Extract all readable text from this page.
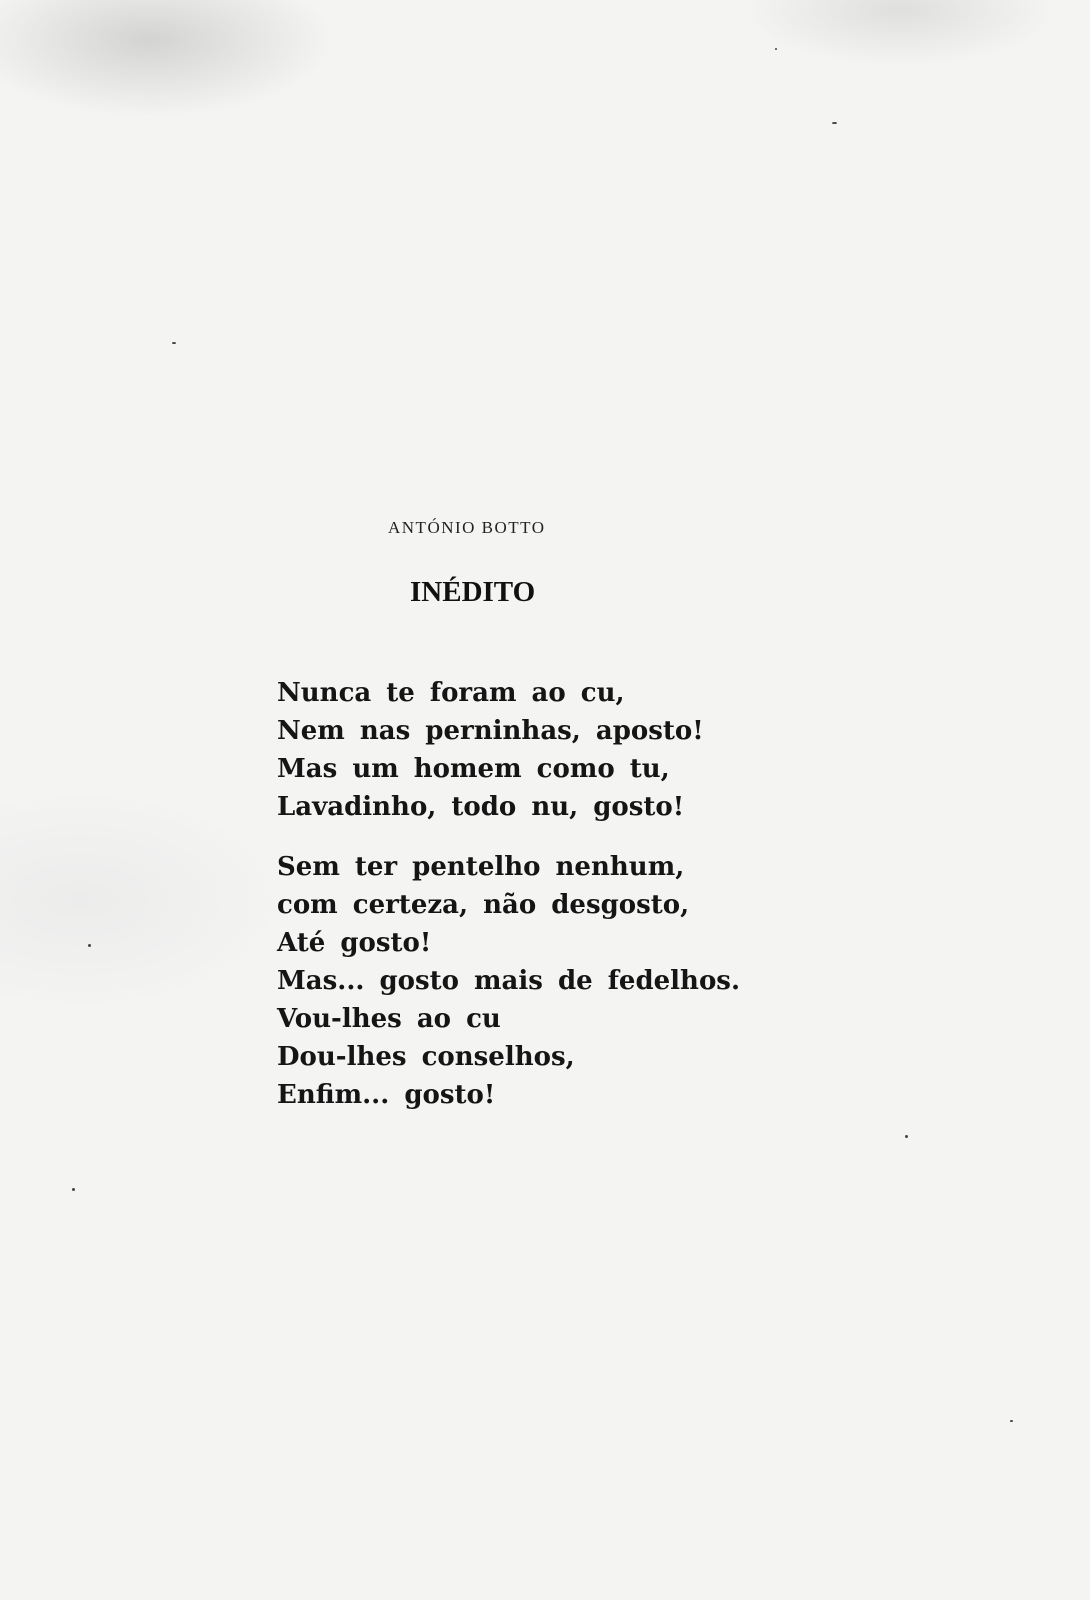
ANTÓNIO BOTTO
INÉDITO

Nunca te foram ao cu,
Nem nas perninhas, aposto!
Mas um homem como tu,
Lavadinho, todo nu, gosto!

Sem ter pentelho nenhum,
com certeza, não desgosto,
Até gosto!
Mas... gosto mais de fedelhos.
Vou-lhes ao cu
Dou-lhes conselhos,
Enfim... gosto!
